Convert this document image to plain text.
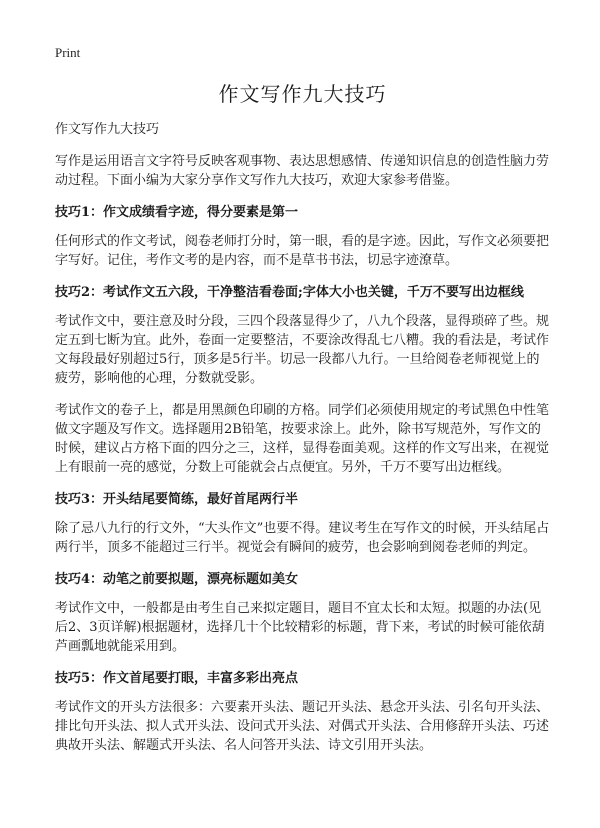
Print
作文写作九大技巧

作文写作九大技巧

写作是运用语言文字符号反映客观事物、表达思想感情、传递知识信息的创造性脑力劳动过程。下面小编为大家分享作文写作九大技巧，欢迎大家参考借鉴。

技巧1：作文成绩看字迹，得分要素是第一

任何形式的作文考试，阅卷老师打分时，第一眼，看的是字迹。因此，写作文必须要把字写好。记住，考作文考的是内容，而不是草书书法，切忌字迹潦草。

技巧2：考试作文五六段，干净整洁看卷面;字体大小也关键，千万不要写出边框线

考试作文中，要注意及时分段，三四个段落显得少了，八九个段落，显得琐碎了些。规定五到七断为宜。此外，卷面一定要整洁，不要涂改得乱七八糟。我的看法是，考试作文每段最好别超过5行，顶多是5行半。切忌一段都八九行。一旦给阅卷老师视觉上的疲劳，影响他的心理，分数就受影。

考试作文的卷子上，都是用黑颜色印刷的方格。同学们必须使用规定的考试黑色中性笔做文字题及写作文。选择题用2B铅笔，按要求涂上。此外，除书写规范外，写作文的时候，建议占方格下面的四分之三，这样，显得卷面美观。这样的作文写出来，在视觉上有眼前一亮的感觉，分数上可能就会占点便宜。另外，千万不要写出边框线。

技巧3：开头结尾要简练，最好首尾两行半

除了忌八九行的行文外，“大头作文”也要不得。建议考生在写作文的时候，开头结尾占两行半，顶多不能超过三行半。视觉会有瞬间的疲劳，也会影响到阅卷老师的判定。

技巧4：动笔之前要拟题，漂亮标题如美女

考试作文中，一般都是由考生自己来拟定题目，题目不宜太长和太短。拟题的办法(见后2、3页详解)根据题材，选择几十个比较精彩的标题，背下来，考试的时候可能依葫芦画瓢地就能采用到。

技巧5：作文首尾要打眼，丰富多彩出亮点

考试作文的开头方法很多：六要素开头法、题记开头法、悬念开头法、引名句开头法、排比句开头法、拟人式开头法、设问式开头法、对偶式开头法、合用修辞开头法、巧述典故开头法、解题式开头法、名人问答开头法、诗文引用开头法。
